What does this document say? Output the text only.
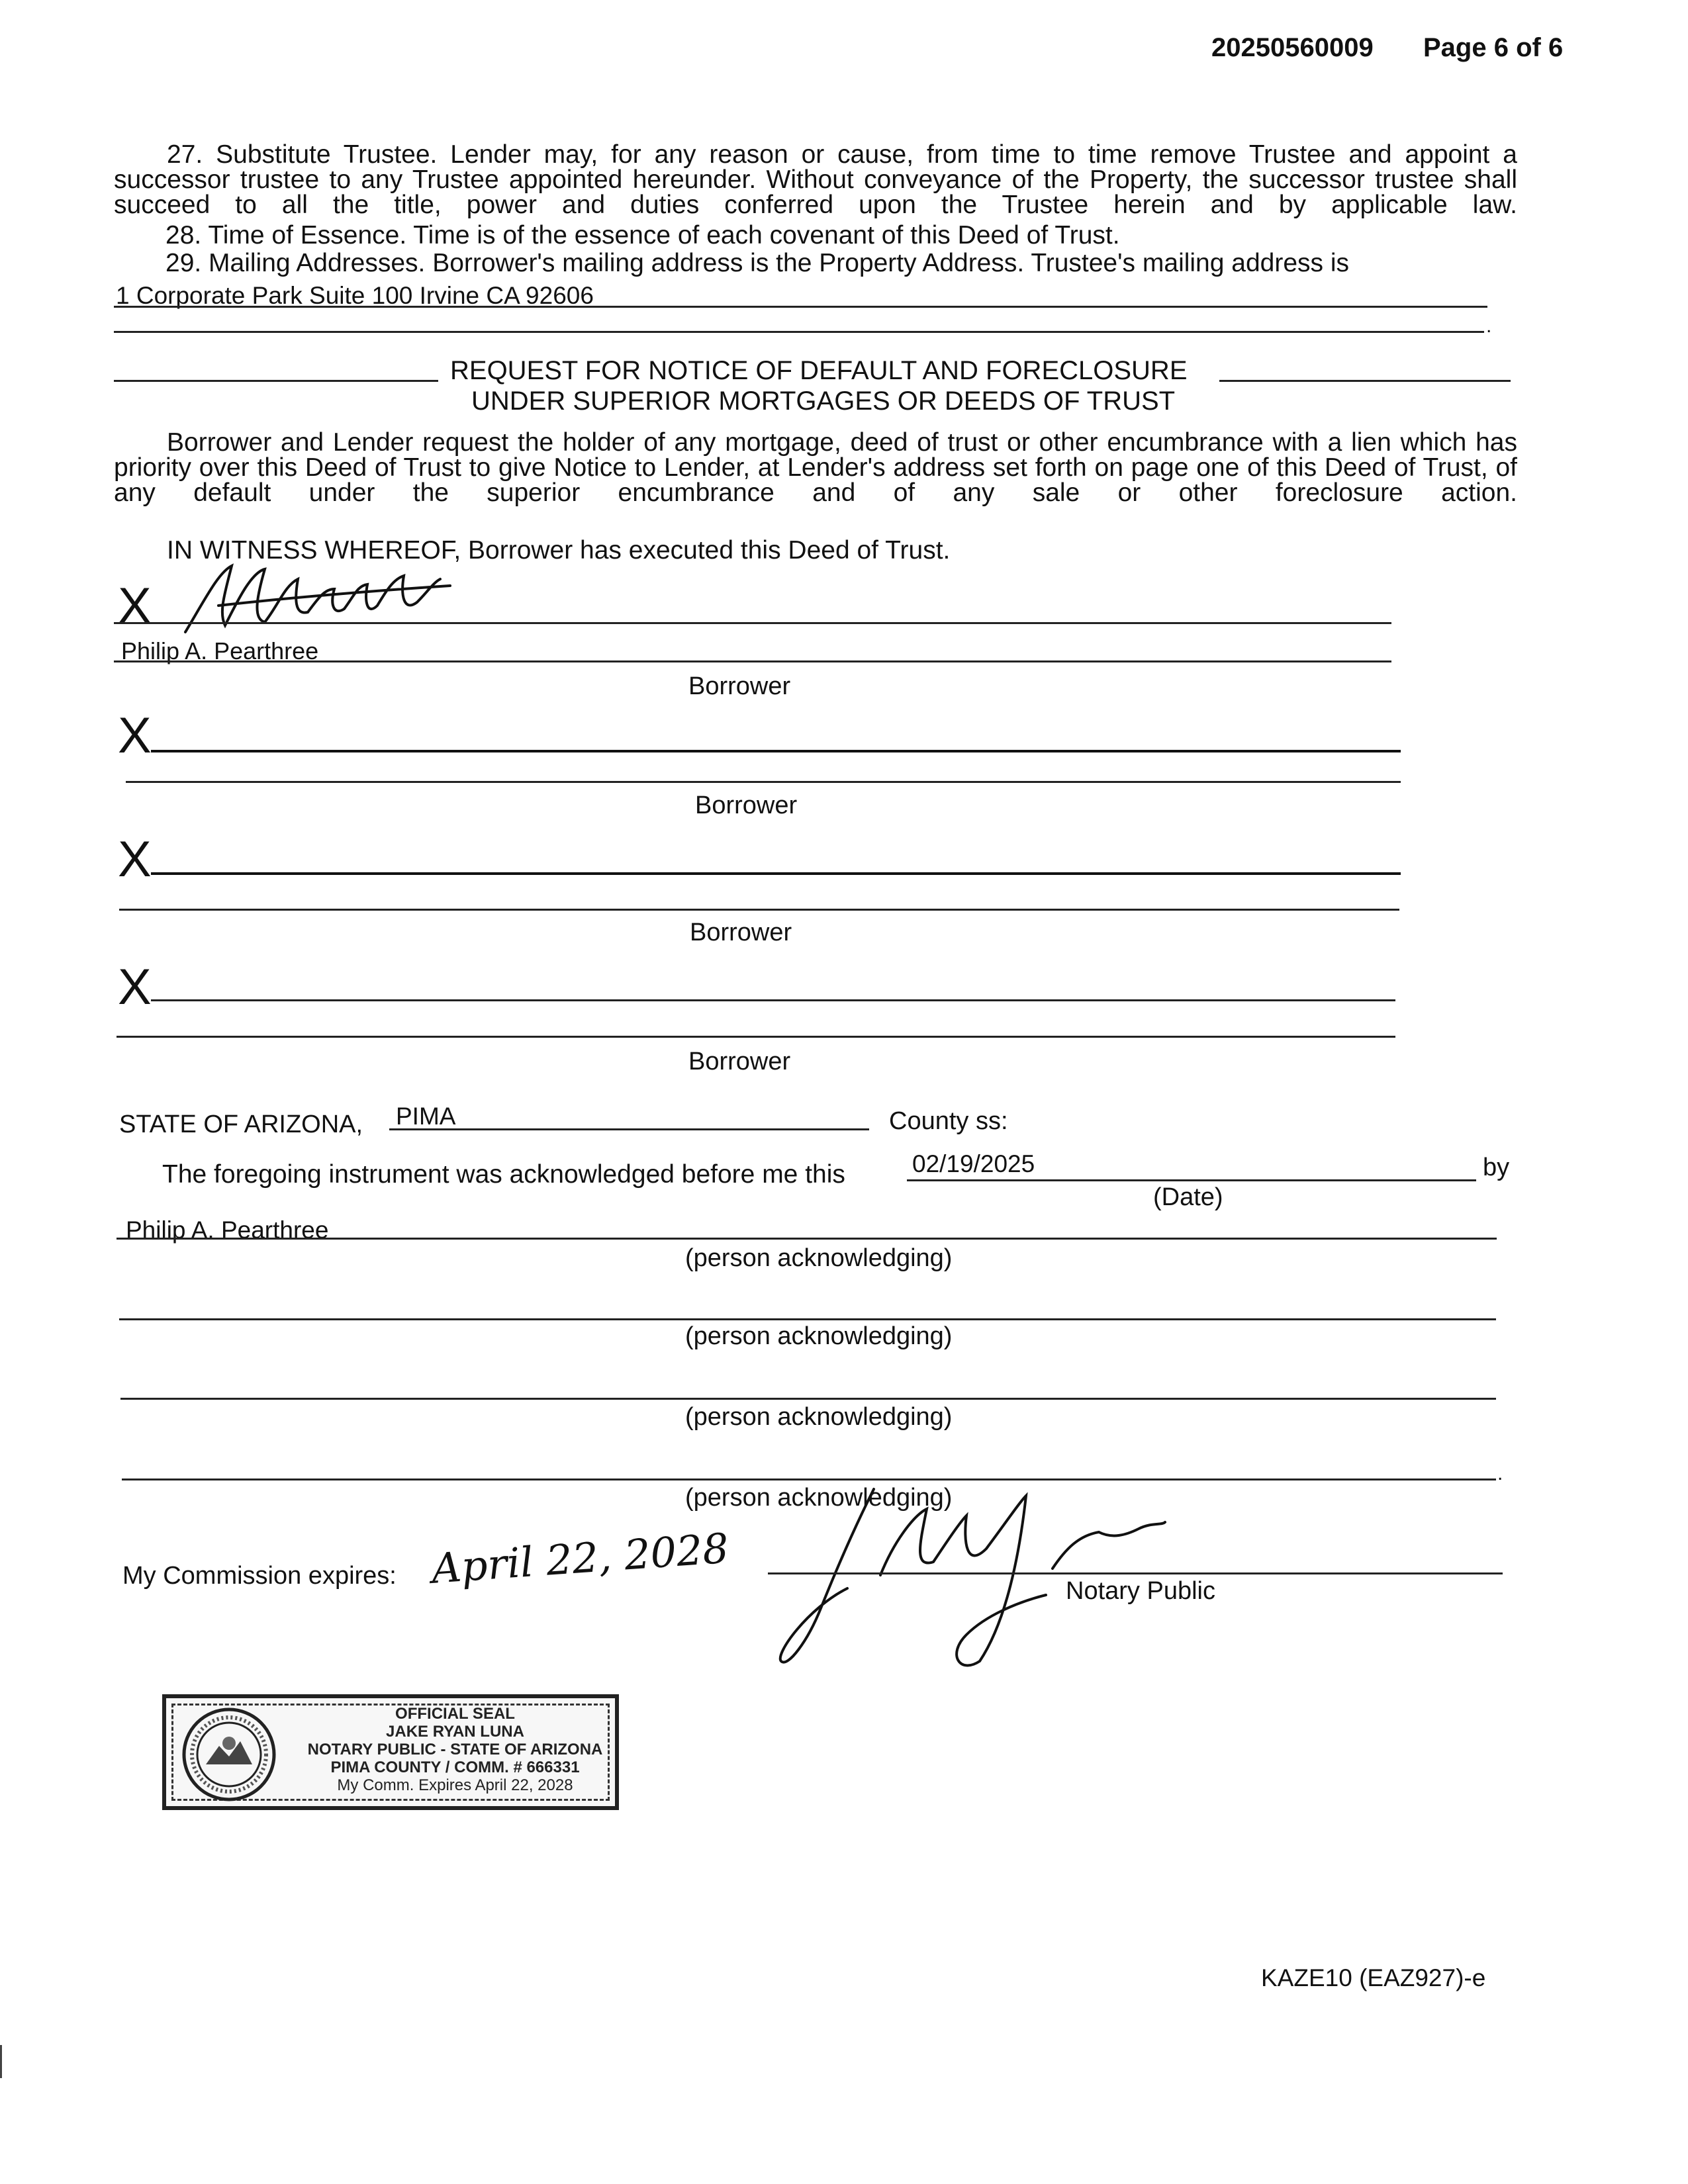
20250560009 Page 6 of 6
27. Substitute Trustee. Lender may, for any reason or cause, from time to time remove Trustee and appoint a successor trustee to any Trustee appointed hereunder. Without conveyance of the Property, the successor trustee shall succeed to all the title, power and duties conferred upon the Trustee herein and by applicable law.
28. Time of Essence. Time is of the essence of each covenant of this Deed of Trust.
29. Mailing Addresses. Borrower's mailing address is the Property Address. Trustee's mailing address is
1 Corporate Park Suite 100 Irvine CA 92606
.
REQUEST FOR NOTICE OF DEFAULT AND FORECLOSURE
UNDER SUPERIOR MORTGAGES OR DEEDS OF TRUST
Borrower and Lender request the holder of any mortgage, deed of trust or other encumbrance with a lien which has priority over this Deed of Trust to give Notice to Lender, at Lender's address set forth on page one of this Deed of Trust, of any default under the superior encumbrance and of any sale or other foreclosure action.
IN WITNESS WHEREOF, Borrower has executed this Deed of Trust.
X
Philip A. Pearthree
Borrower
X
Borrower
X
Borrower
X
Borrower
STATE OF ARIZONA, PIMA	County ss:
The foregoing instrument was acknowledged before me this	02/19/2025	by
(Date)
Philip A. Pearthree
(person acknowledging)
(person acknowledging)
(person acknowledging)
.
(person acknowledging)
My Commission expires: April 22, 2028	Notary Public
OFFICIAL SEAL
JAKE RYAN LUNA
NOTARY PUBLIC - STATE OF ARIZONA
PIMA COUNTY / COMM. # 666331
My Comm. Expires April 22, 2028
KAZE10 (EAZ927)-e
